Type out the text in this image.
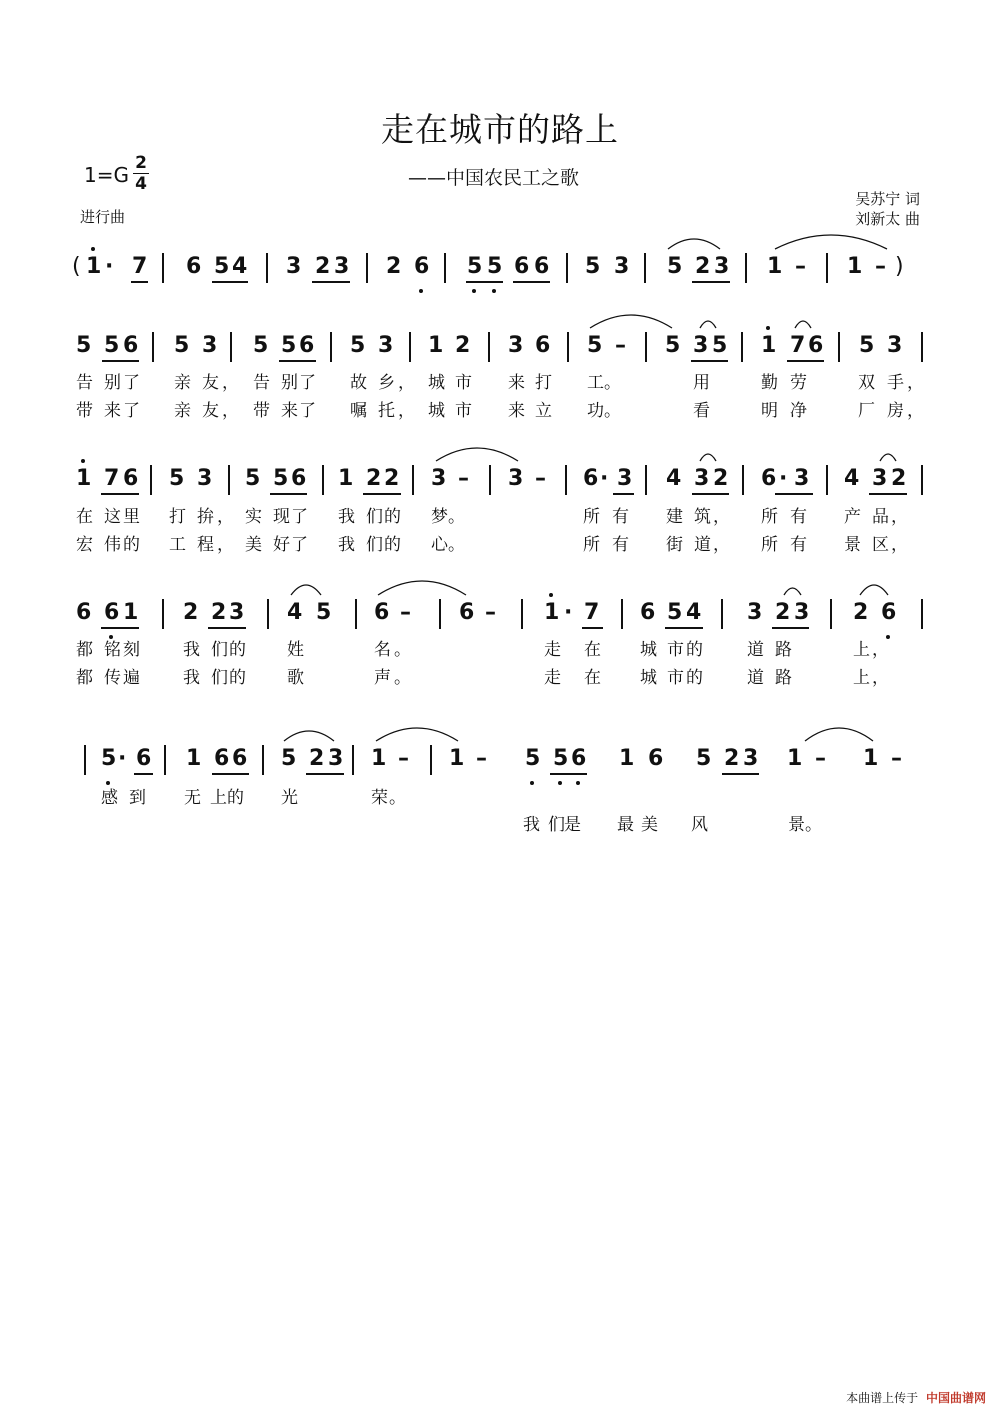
走在城市的路上
——中国农民工之歌
$1=G \frac{2}{4}$
进行曲
吴苏宁 词
刘新太 曲
( 1 · 7 6 5 4 3 2 3 2 6 5 5 6 6 5 3 5 2 3 1 – 1 – )
5 5 6 5 3 5 5 6 5 3 1 2 3 6 5 – 5 3 5 1 7 6 5 3
告 别 了 亲 友 ， 告 别 了 故 乡 ， 城 市 来 打 工 。	用	勤 劳	双 手 ，
带 来 了 亲 友 ， 带 来 了 嘱 托 ， 城 市 来 立 功 。	看	明 净	厂 房 ，
1 7 6 5 3 5 5 6 1 2 2 3 – 3 – 6 · 3 4 3 2 6 · 3 4 3 2
在 这 里 打 拚 ， 实 现 了 我 们 的 梦 。	所 有 建 筑 ， 所 有 产 品 ，
宏 伟 的 工 程 ， 美 好 了 我 们 的 心 。	所 有 街 道 ， 所 有 景 区 ，
6 6 1 2 2 3 4 5 6 – 6 – 1 · 7 6 5 4 3 2 3 2 6
都 铭 刻	我 们 的 姓	名 。	走 在 城 市 的	道 路	上 ，
都 传 遍	我 们 的 歌	声 。	走 在 城 市 的	道 路	上 ，
5 · 6 1 6 6 5 2 3 1 – 1 – 5 5 6 1 6 5 2 3 1 – 1 –
感 到 无 上 的 光	荣 。
我 们 是 最 美 风	景 。
本曲谱上传于 中国曲谱网
